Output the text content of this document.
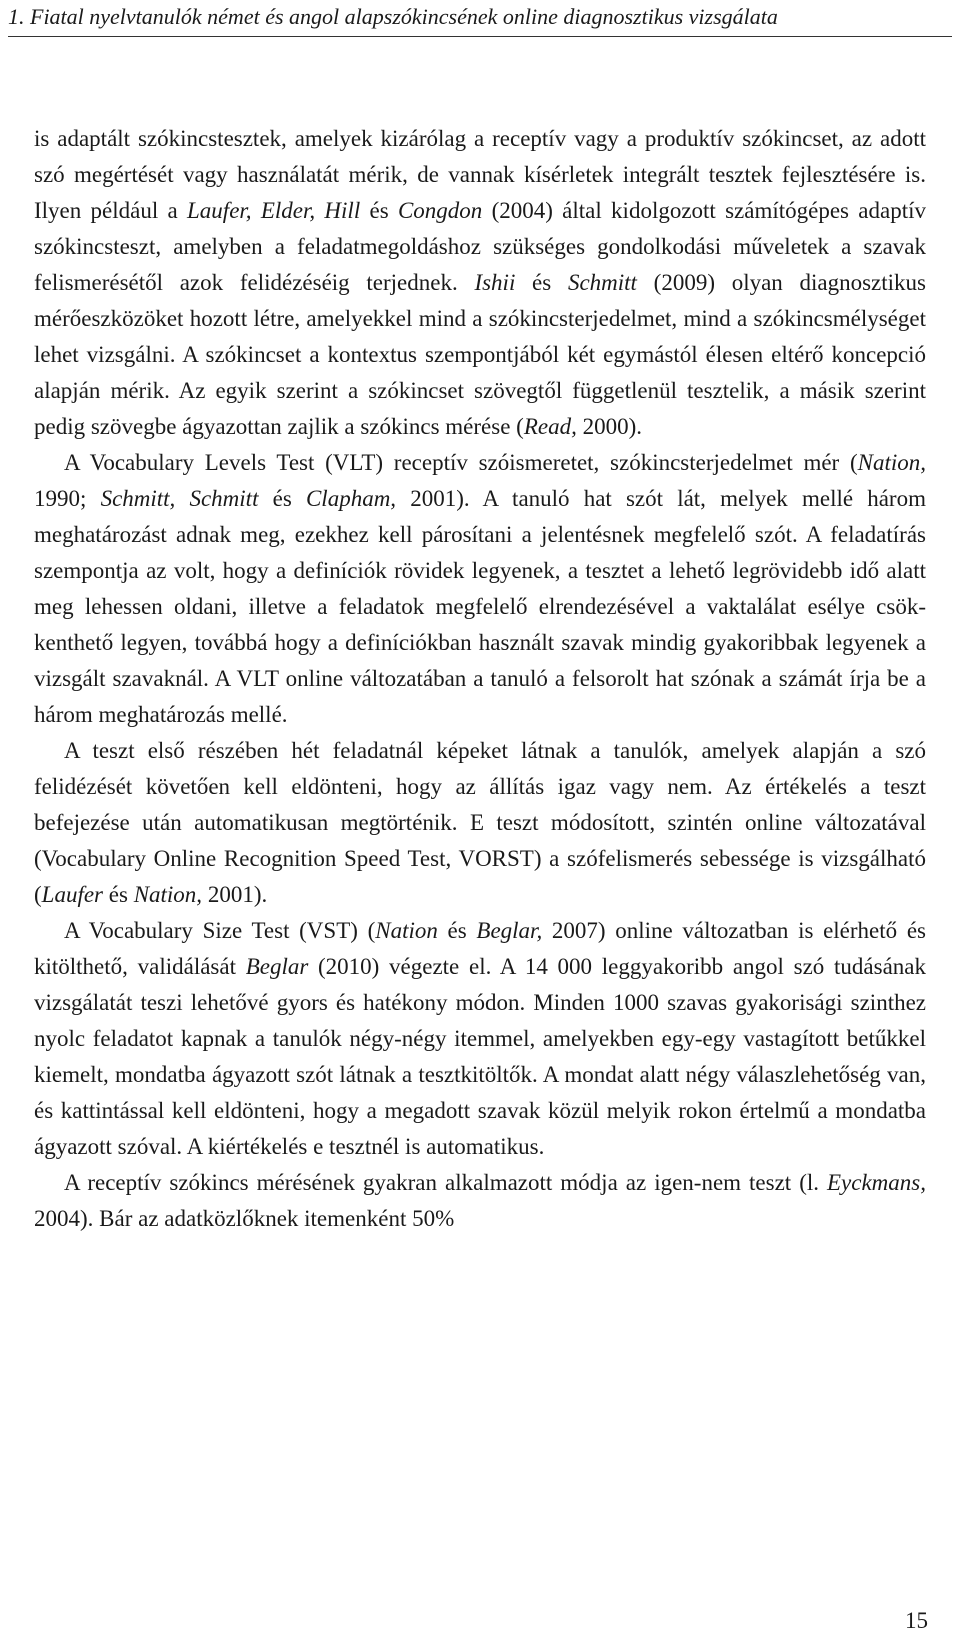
1. Fiatal nyelvtanulók német és angol alapszókincsének online diagnosztikus vizsgálata

is adaptált szókincstesztek, amelyek kizárólag a receptív vagy a produktív szókincset, az adott szó megértését vagy használatát mérik, de vannak kísérletek integrált tesztek fejlesztésére is. Ilyen például a Laufer, Elder, Hill és Congdon (2004) által kidolgozott számítógépes adaptív szókincsteszt, amelyben a feladatmegoldáshoz szükséges gondolkodási műveletek a szavak felismerésétől azok felidézéséig terjednek. Ishii és Schmitt (2009) olyan diagnosztikus mérőeszközöket hozott létre, amelyekkel mind a szókincsterjedelmet, mind a szókincsmélységet lehet vizsgálni. A szókincset a kontextus szempontjából két egymástól élesen eltérő koncepció alapján mérik. Az egyik szerint a szókincset szövegtől függetlenül tesztelik, a másik szerint pedig szövegbe ágyazottan zajlik a szókincs mérése (Read, 2000).

A Vocabulary Levels Test (VLT) receptív szóismeretet, szókincsterjedelmet mér (Nation, 1990; Schmitt, Schmitt és Clapham, 2001). A tanuló hat szót lát, melyek mellé három meghatározást adnak meg, ezekhez kell párosítani a jelentésnek megfelelő szót. A feladatírás szempontja az volt, hogy a definíciók rövidek legyenek, a tesztet a lehető legrövidebb idő alatt meg lehessen oldani, illetve a feladatok megfelelő elrendezésével a vaktalálat esélye csökkenthető legyen, továbbá hogy a definíciókban használt szavak mindig gyakoribbak legyenek a vizsgált szavaknál. A VLT online változatában a tanuló a felsorolt hat szónak a számát írja be a három meghatározás mellé.

A teszt első részében hét feladatnál képeket látnak a tanulók, amelyek alapján a szó felidézését követően kell eldönteni, hogy az állítás igaz vagy nem. Az értékelés a teszt befejezése után automatikusan megtörténik. E teszt módosított, szintén online változatával (Vocabulary Online Recognition Speed Test, VORST) a szófelismerés sebessége is vizsgálható (Laufer és Nation, 2001).

A Vocabulary Size Test (VST) (Nation és Beglar, 2007) online változatban is elérhető és kitölthető, validálását Beglar (2010) végezte el. A 14 000 leggyakoribb angol szó tudásának vizsgálatát teszi lehetővé gyors és hatékony módon. Minden 1000 szavas gyakorisági szinthez nyolc feladatot kapnak a tanulók négy-négy itemmel, amelyekben egy-egy vastagított betűkkel kiemelt, mondatba ágyazott szót látnak a tesztkitöltők. A mondat alatt négy válaszlehetőség van, és kattintással kell eldönteni, hogy a megadott szavak közül melyik rokon értelmű a mondatba ágyazott szóval. A kiértékelés e tesztnél is automatikus.

A receptív szókincs mérésének gyakran alkalmazott módja az igen-nem teszt (l. Eyckmans, 2004). Bár az adatközlőknek itemenként 50%

15
